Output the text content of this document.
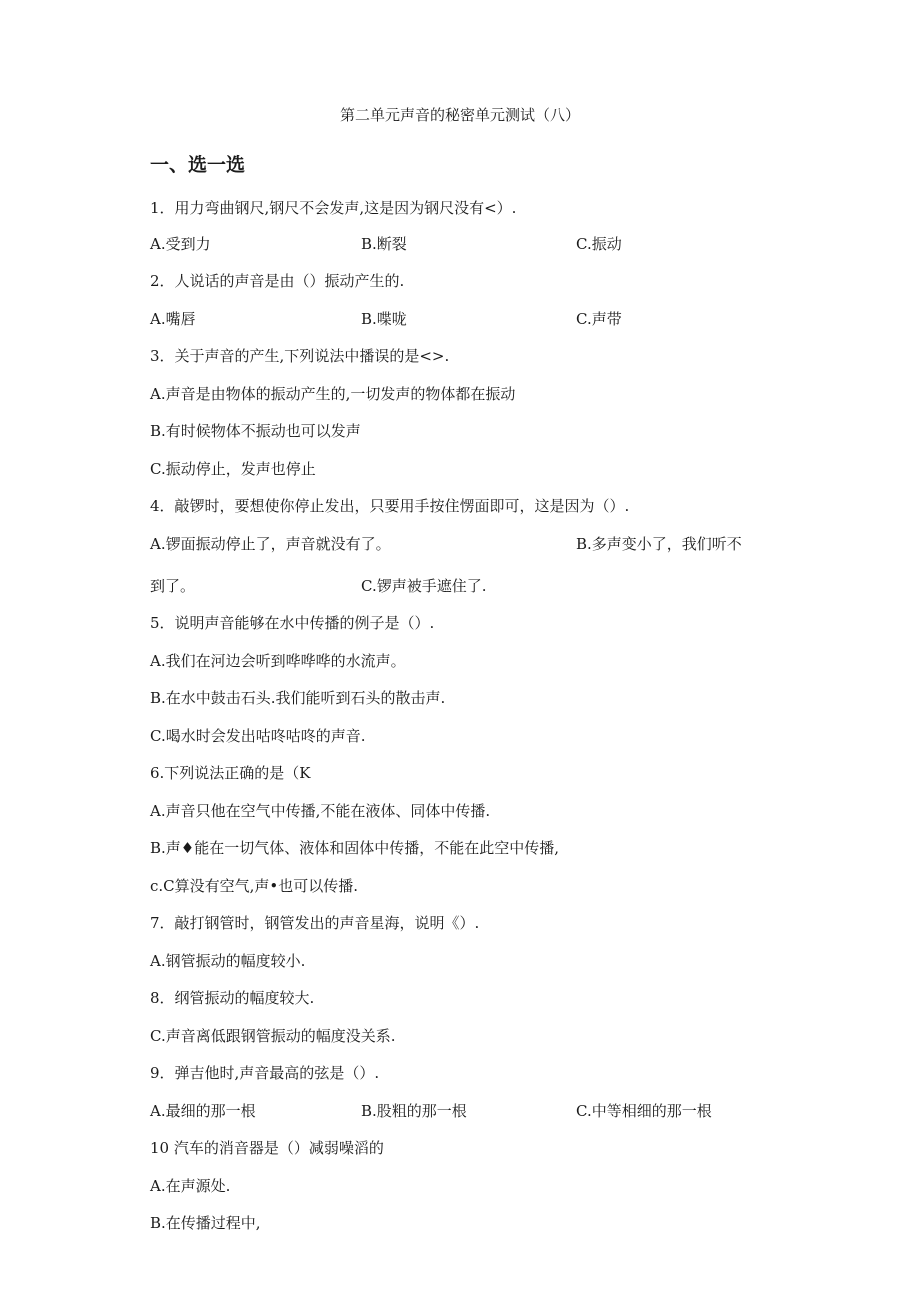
第二单元声音的秘密单元测试（八）
一、选一选
1．用力弯曲钢尺,钢尺不会发声,这是因为钢尺没有<）.
A.受到力	B.断裂	C.振动
2．人说话的声音是由（）振动产生的.
A.嘴唇	B.喋咙	C.声带
3．关于声音的产生,下列说法中播误的是<>.
A.声音是由物体的振动产生的,一切发声的物体都在振动
B.有时候物体不振动也可以发声
C.振动停止，发声也停止
4．敲锣时，要想使你停止发出，只要用手按住愣面即可，这是因为（）.
A.锣面振动停止了，声音就没有了。	B.多声变小了，我们听不
到了。	C.锣声被手遮住了.
5．说明声音能够在水中传播的例子是（）.
A.我们在河边会听到哗哗哗的水流声。
B.在水中鼓击石头.我们能听到石头的散击声.
C.喝水时会发出咕咚咕咚的声音.
6.下列说法正确的是（K
A.声音只他在空气中传播,不能在液体、同体中传播.
B.声♦能在一切气体、液体和固体中传播，不能在此空中传播,
c.C算没有空气,声•也可以传播.
7．敲打钢管时，钢管发出的声音星海，说明《）.
A.钢管振动的幅度较小.
8．纲管振动的幅度较大.
C.声音离低跟钢管振动的幅度没关系.
9．弹吉他时,声音最高的弦是（）.
A.最细的那一根	B.股粗的那一根	C.中等相细的那一根
10 汽车的消音器是（）减弱噪滔的
A.在声源处.
B.在传播过程中,
